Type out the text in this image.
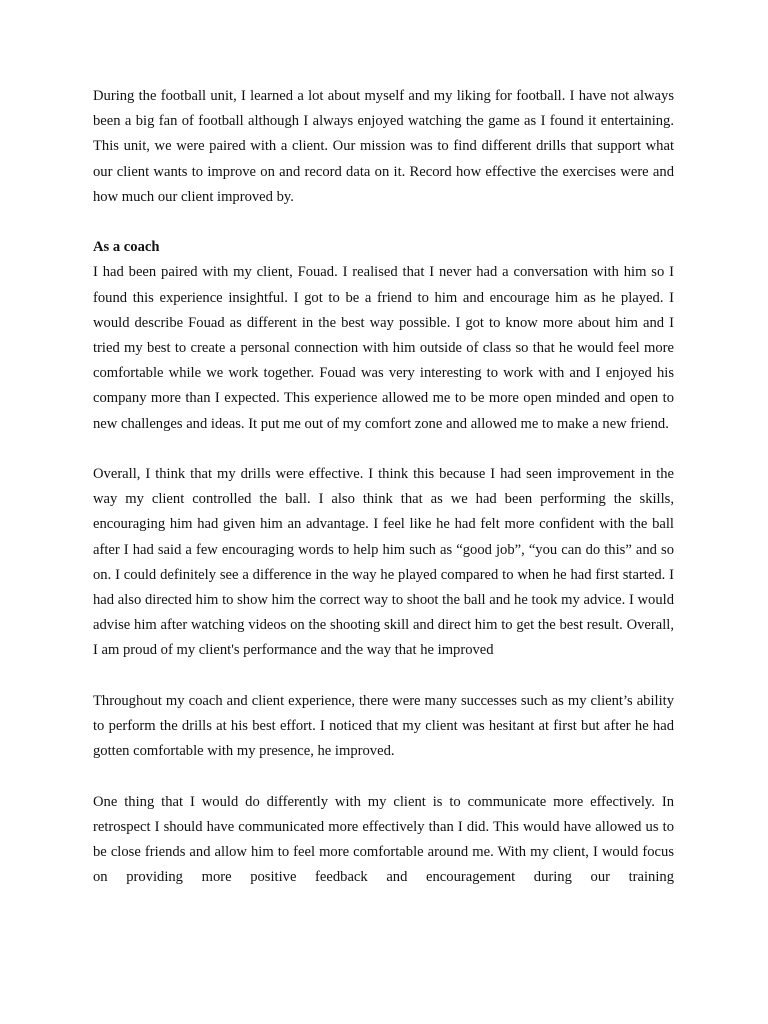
During the football unit, I learned a lot about myself and my liking for football. I have not always been a big fan of football although I always enjoyed watching the game as I found it entertaining. This unit, we were paired with a client. Our mission was to find different drills that support what our client wants to improve on and record data on it. Record how effective the exercises were and how much our client improved by.

As a coach

I had been paired with my client, Fouad. I realised that I never had a conversation with him so I found this experience insightful. I got to be a friend to him and encourage him as he played. I would describe Fouad as different in the best way possible. I got to know more about him and I tried my best to create a personal connection with him outside of class so that he would feel more comfortable while we work together. Fouad was very interesting to work with and I enjoyed his company more than I expected. This experience allowed me to be more open minded and open to new challenges and ideas. It put me out of my comfort zone and allowed me to make a new friend.

Overall, I think that my drills were effective. I think this because I had seen improvement in the way my client controlled the ball. I also think that as we had been performing the skills, encouraging him had given him an advantage. I feel like he had felt more confident with the ball after I had said a few encouraging words to help him such as “good job”, “you can do this” and so on. I could definitely see a difference in the way he played compared to when he had first started. I had also directed him to show him the correct way to shoot the ball and he took my advice. I would advise him after watching videos on the shooting skill and direct him to get the best result. Overall, I am proud of my client's performance and the way that he improved

Throughout my coach and client experience, there were many successes such as my client’s ability to perform the drills at his best effort. I noticed that my client was hesitant at first but after he had gotten comfortable with my presence, he improved.

One thing that I would do differently with my client is to communicate more effectively. In retrospect I should have communicated more effectively than I did. This would have allowed us to be close friends and allow him to feel more comfortable around me. With my client, I would focus on providing more positive feedback and encouragement during our training
